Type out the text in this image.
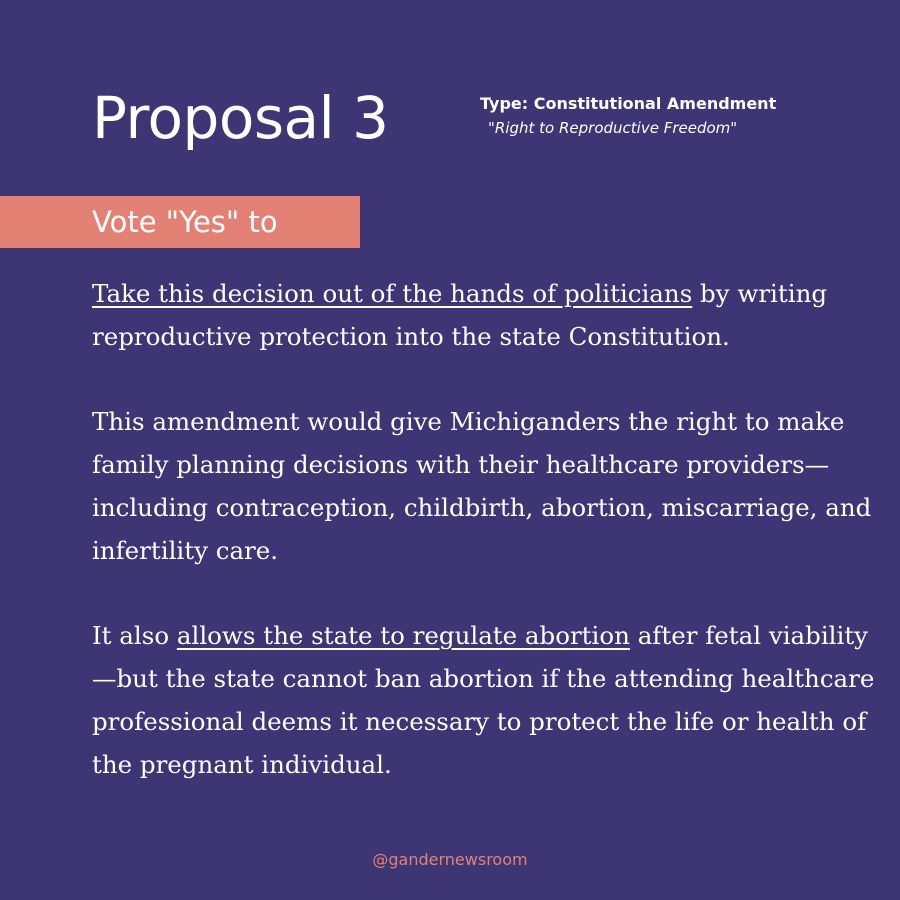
Proposal 3	Type: Constitutional Amendment
"Right to Reproductive Freedom"
Vote "Yes" to

Take this decision out of the hands of politicians by writing reproductive protection into the state Constitution.

This amendment would give Michiganders the right to make family planning decisions with their healthcare providers—including contraception, childbirth, abortion, miscarriage, and infertility care.

It also allows the state to regulate abortion after fetal viability—but the state cannot ban abortion if the attending healthcare professional deems it necessary to protect the life or health of the pregnant individual.

@gandernewsroom
